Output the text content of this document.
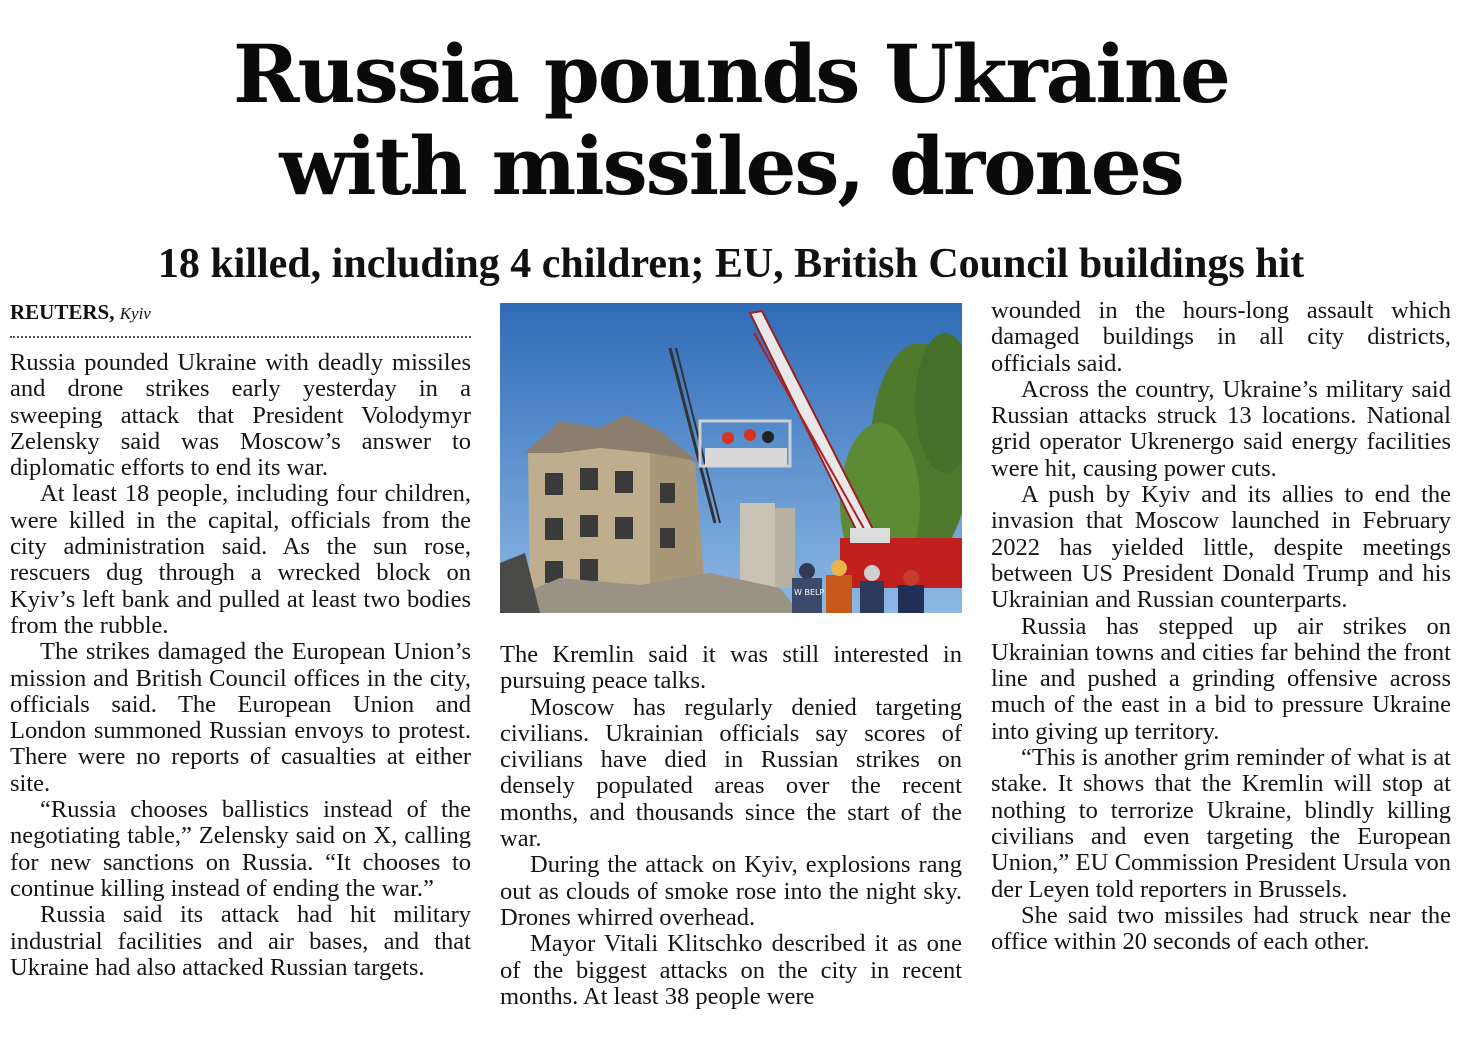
Russia pounds Ukraine
with missiles, drones
18 killed, including 4 children; EU, British Council buildings hit
REUTERS, Kyiv

Russia pounded Ukraine with deadly missiles and drone strikes early yesterday in a sweeping attack that President Volodymyr Zelensky said was Moscow’s answer to diplomatic efforts to end its war.

At least 18 people, including four children, were killed in the capital, officials from the city administration said. As the sun rose, rescuers dug through a wrecked block on Kyiv’s left bank and pulled at least two bodies from the rubble.

The strikes damaged the European Union’s mission and British Council offices in the city, officials said. The European Union and London summoned Russian envoys to protest. There were no reports of casualties at either site.

“Russia chooses ballistics instead of the negotiating table,” Zelensky said on X, calling for new sanctions on Russia. “It chooses to continue killing instead of ending the war.”

Russia said its attack had hit military industrial facilities and air bases, and that Ukraine had also attacked Russian targets.

W BELP

The Kremlin said it was still interested in pursuing peace talks.

Moscow has regularly denied targeting civilians. Ukrainian officials say scores of civilians have died in Russian strikes on densely populated areas over the recent months, and thousands since the start of the war.

During the attack on Kyiv, explosions rang out as clouds of smoke rose into the night sky. Drones whirred overhead.

Mayor Vitali Klitschko described it as one of the biggest attacks on the city in recent months. At least 38 people were

wounded in the hours-long assault which damaged buildings in all city districts, officials said.

Across the country, Ukraine’s military said Russian attacks struck 13 locations. National grid operator Ukrenergo said energy facilities were hit, causing power cuts.

A push by Kyiv and its allies to end the invasion that Moscow launched in February 2022 has yielded little, despite meetings between US President Donald Trump and his Ukrainian and Russian counterparts.

Russia has stepped up air strikes on Ukrainian towns and cities far behind the front line and pushed a grinding offensive across much of the east in a bid to pressure Ukraine into giving up territory.

“This is another grim reminder of what is at stake. It shows that the Kremlin will stop at nothing to terrorize Ukraine, blindly killing civilians and even targeting the European Union,” EU Commission President Ursula von der Leyen told reporters in Brussels.

She said two missiles had struck near the office within 20 seconds of each other.
